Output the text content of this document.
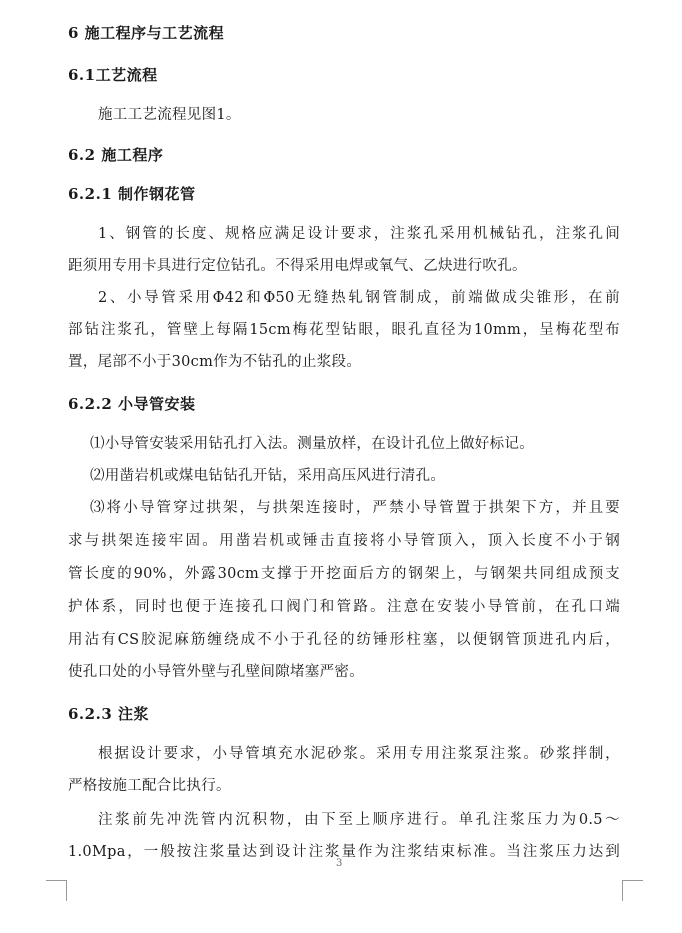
6 施工程序与工艺流程
6.1工艺流程
施工工艺流程见图1。
6.2 施工程序
6.2.1 制作钢花管
1、钢管的长度、规格应满足设计要求，注浆孔采用机械钻孔，注浆孔间
距须用专用卡具进行定位钻孔。不得采用电焊或氧气、乙炔进行吹孔。
2、小导管采用Φ42和Φ50无缝热轧钢管制成，前端做成尖锥形，在前
部钻注浆孔，管壁上每隔15cm梅花型钻眼，眼孔直径为10mm，呈梅花型布
置，尾部不小于30cm作为不钻孔的止浆段。
6.2.2 小导管安装
⑴小导管安装采用钻孔打入法。测量放样，在设计孔位上做好标记。
⑵用凿岩机或煤电钻钻孔开钻，采用高压风进行清孔。
⑶将小导管穿过拱架，与拱架连接时，严禁小导管置于拱架下方，并且要
求与拱架连接牢固。用凿岩机或锤击直接将小导管顶入，顶入长度不小于钢
管长度的90%，外露30cm支撑于开挖面后方的钢架上，与钢架共同组成预支
护体系，同时也便于连接孔口阀门和管路。注意在安装小导管前，在孔口端
用沾有CS胶泥麻筋缠绕成不小于孔径的纺锤形柱塞，以便钢管顶进孔内后，
使孔口处的小导管外壁与孔壁间隙堵塞严密。
6.2.3 注浆
根据设计要求，小导管填充水泥砂浆。采用专用注浆泵注浆。砂浆拌制，
严格按施工配合比执行。
注浆前先冲洗管内沉积物，由下至上顺序进行。单孔注浆压力为0.5～
1.0Mpa，一般按注浆量达到设计注浆量作为注浆结束标准。当注浆压力达到
3
